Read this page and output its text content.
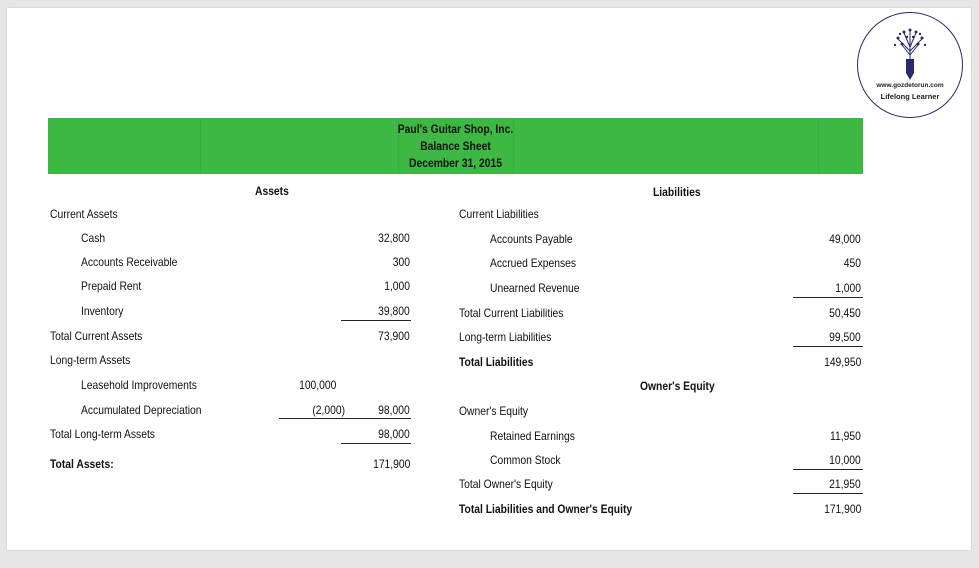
www.gozdetorun.com
Lifelong Learner
Paul's Guitar Shop, Inc.
Balance Sheet
December 31, 2015
Assets
Current Assets
Cash	32,800
Accounts Receivable	300
Prepaid Rent	1,000
Inventory	39,800
Total Current Assets	73,900
Long-term Assets
Leasehold Improvements	100,000
Accumulated Depreciation	(2,000)	98,000
Total Long-term Assets	98,000
Total Assets:	171,900
Liabilities
Current Liabilities
Accounts Payable	49,000
Accrued Expenses	450
Unearned Revenue	1,000
Total Current Liabilities	50,450
Long-term Liabilities	99,500
Total Liabilities	149,950
Owner's Equity
Owner's Equity
Retained Earnings	11,950
Common Stock	10,000
Total Owner's Equity	21,950
Total Liabilities and Owner's Equity	171,900
